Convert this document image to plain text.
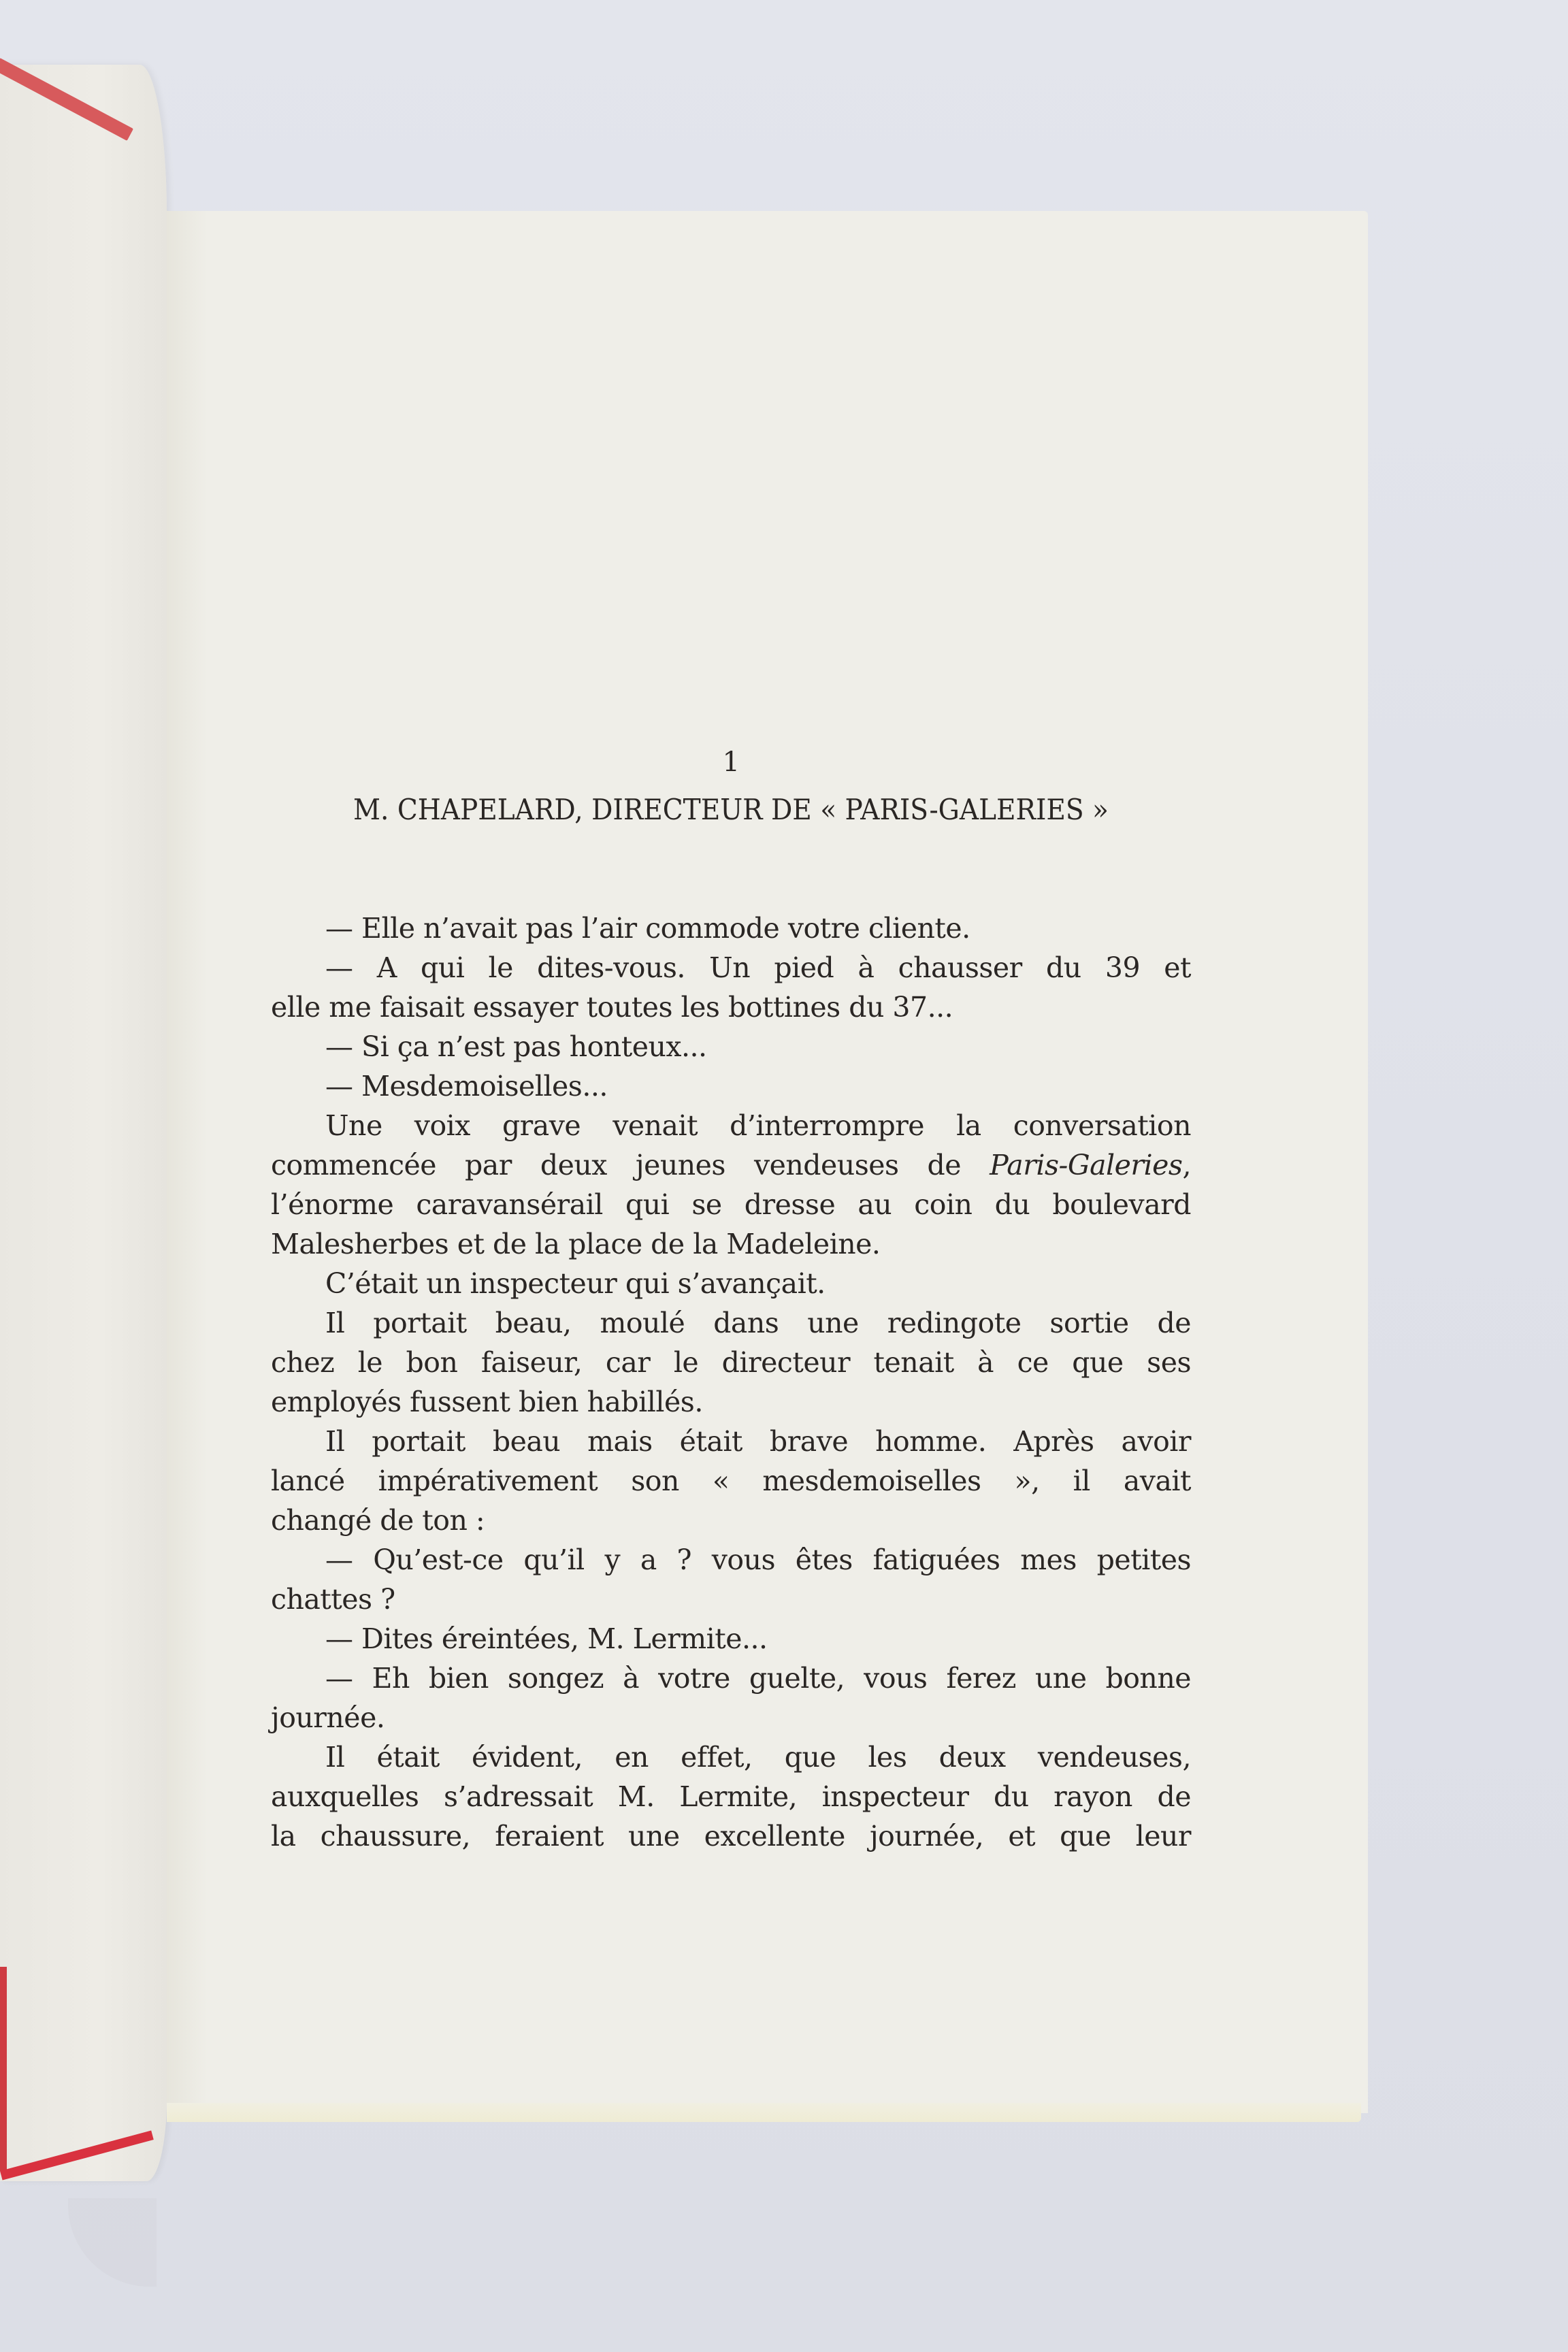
1
M. CHAPELARD, DIRECTEUR DE « PARIS-GALERIES »
— Elle n’avait pas l’air commode votre cliente.
— A qui le dites-vous. Un pied à chausser du 39 et
elle me faisait essayer toutes les bottines du 37...
— Si ça n’est pas honteux...
— Mesdemoiselles...
Une voix grave venait d’interrompre la conversation
commencée par deux jeunes vendeuses de Paris-Galeries,
l’énorme caravansérail qui se dresse au coin du boulevard
Malesherbes et de la place de la Madeleine.
C’était un inspecteur qui s’avançait.
Il portait beau, moulé dans une redingote sortie de
chez le bon faiseur, car le directeur tenait à ce que ses
employés fussent bien habillés.
Il portait beau mais était brave homme. Après avoir
lancé impérativement son « mesdemoiselles », il avait
changé de ton :
— Qu’est-ce qu’il y a ? vous êtes fatiguées mes petites
chattes ?
— Dites éreintées, M. Lermite...
— Eh bien songez à votre guelte, vous ferez une bonne
journée.
Il était évident, en effet, que les deux vendeuses,
auxquelles s’adressait M. Lermite, inspecteur du rayon de
la chaussure, feraient une excellente journée, et que leur
